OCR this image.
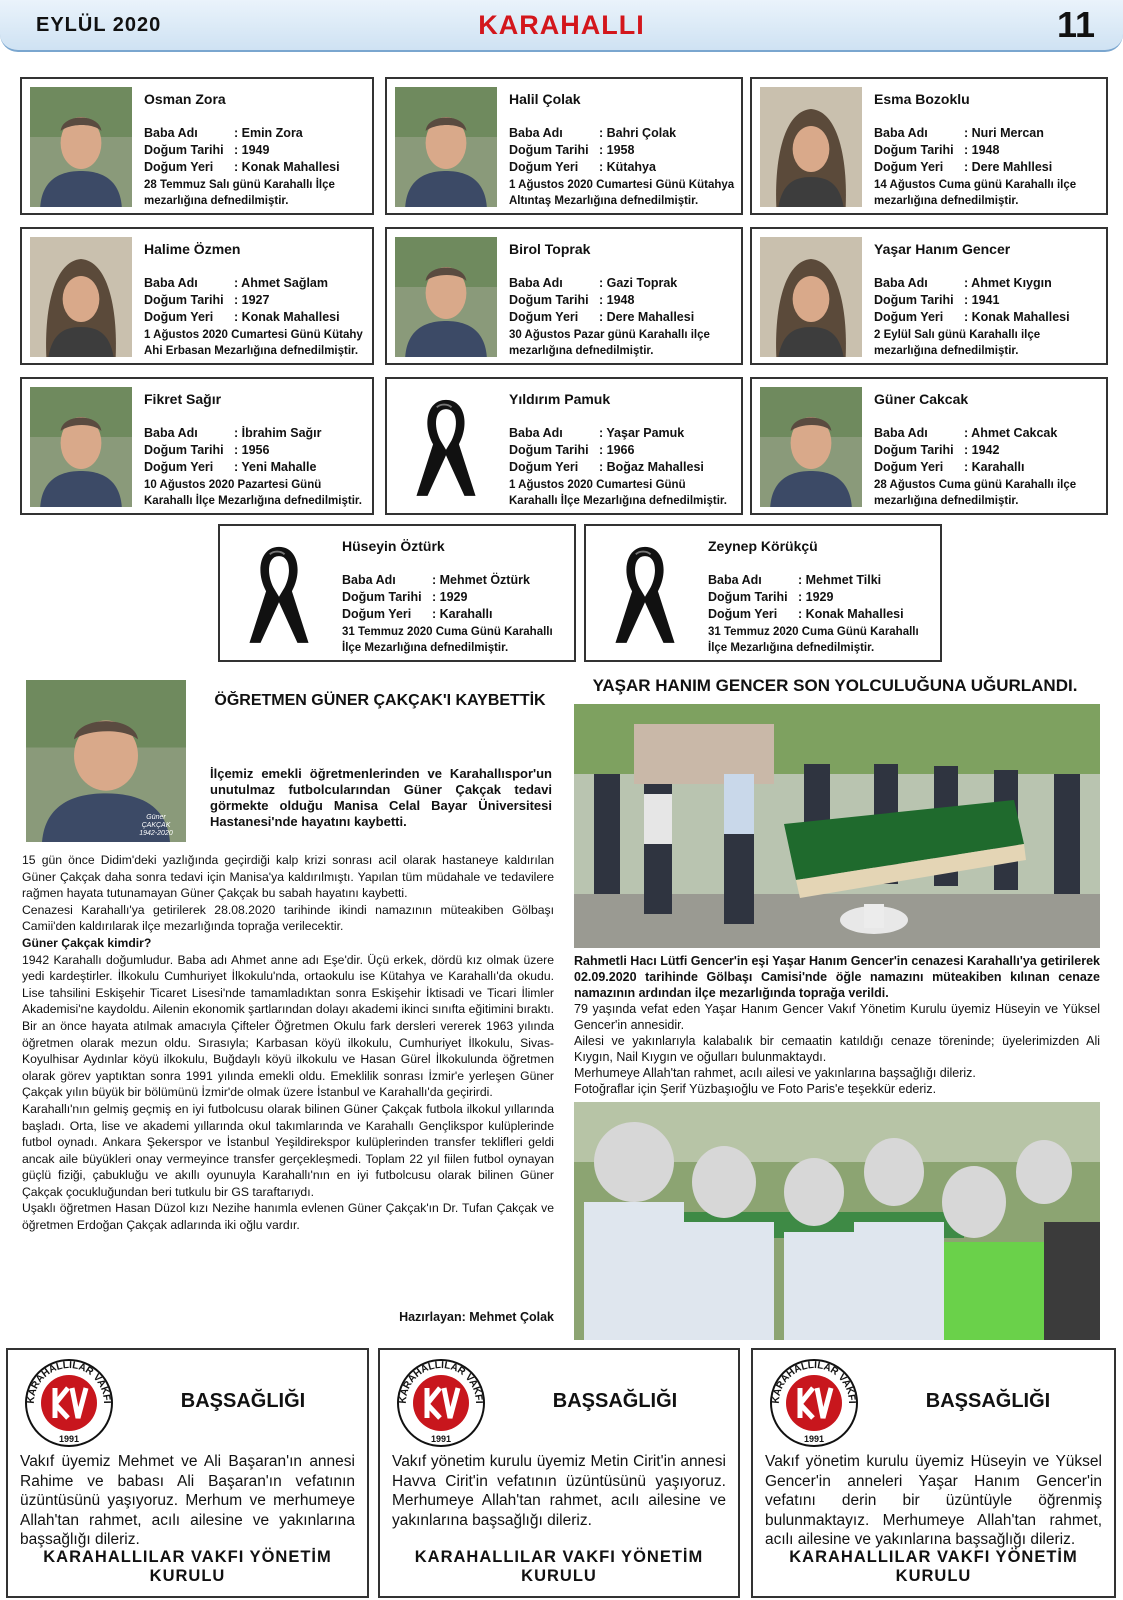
EYLÜL 2020	KARAHALLI	11
Osman Zora
Baba Adı	: Emin Zora
Doğum Tarihi : 1949
Doğum Yeri	: Konak Mahallesi
28 Temmuz Salı günü Karahallı İlçe mezarlığına defnedilmiştir.
Halil Çolak
Baba Adı	: Bahri Çolak
Doğum Tarihi : 1958
Doğum Yeri	: Kütahya
1 Ağustos 2020 Cumartesi Günü Kütahya Altıntaş Mezarlığına defnedilmiştir.
Esma Bozoklu
Baba Adı	: Nuri Mercan
Doğum Tarihi : 1948
Doğum Yeri	: Dere Mahllesi
14 Ağustos Cuma günü Karahallı ilçe mezarlığına defnedilmiştir.
Halime Özmen
Baba Adı	: Ahmet Sağlam
Doğum Tarihi : 1927
Doğum Yeri	: Konak Mahallesi
1 Ağustos 2020 Cumartesi Günü Kütahy Ahi Erbasan Mezarlığına defnedilmiştir.
Birol Toprak
Baba Adı	: Gazi Toprak
Doğum Tarihi : 1948
Doğum Yeri	: Dere Mahallesi
30 Ağustos Pazar günü Karahallı ilçe mezarlığına defnedilmiştir.
Yaşar Hanım Gencer
Baba Adı	: Ahmet Kıygın
Doğum Tarihi : 1941
Doğum Yeri	: Konak Mahallesi
2 Eylül Salı günü Karahallı ilçe mezarlığına defnedilmiştir.
Fikret Sağır
Baba Adı	: İbrahim Sağır
Doğum Tarihi : 1956
Doğum Yeri	: Yeni Mahalle
10 Ağustos 2020 Pazartesi Günü Karahallı İlçe Mezarlığına defnedilmiştir.
Yıldırım Pamuk
Baba Adı	: Yaşar Pamuk
Doğum Tarihi : 1966
Doğum Yeri	: Boğaz Mahallesi
1 Ağustos 2020 Cumartesi Günü Karahallı İlçe Mezarlığına defnedilmiştir.
Güner Cakcak
Baba Adı	: Ahmet Cakcak
Doğum Tarihi : 1942
Doğum Yeri	: Karahallı
28 Ağustos Cuma günü Karahallı ilçe mezarlığına defnedilmiştir.
Hüseyin Öztürk
Baba Adı	: Mehmet Öztürk
Doğum Tarihi : 1929
Doğum Yeri	: Karahallı
31 Temmuz 2020 Cuma Günü Karahallı İlçe Mezarlığına defnedilmiştir.
Zeynep Körükçü
Baba Adı	: Mehmet Tilki
Doğum Tarihi : 1929
Doğum Yeri	: Konak Mahallesi
31 Temmuz 2020 Cuma Günü Karahallı İlçe Mezarlığına defnedilmiştir.
Güner ÇAKÇAK 1942-2020
ÖĞRETMEN GÜNER ÇAKÇAK'I KAYBETTİK
İlçemiz emekli öğretmenlerinden ve Karahallıspor'un unutulmaz futbolcularından Güner Çakçak tedavi görmekte olduğu Manisa Celal Bayar Üniversitesi Hastanesi'nde hayatını kaybetti.

15 gün önce Didim'deki yazlığında geçirdiği kalp krizi sonrası acil olarak hastaneye kaldırılan Güner Çakçak daha sonra tedavi için Manisa'ya kaldırılmıştı. Yapılan tüm müdahale ve tedavilere rağmen hayata tutunamayan Güner Çakçak bu sabah hayatını kaybetti.

Cenazesi Karahallı'ya getirilerek 28.08.2020 tarihinde ikindi namazının müteakiben Gölbaşı Camii'den kaldırılarak ilçe mezarlığında toprağa verilecektir.

Güner Çakçak kimdir?

1942 Karahallı doğumludur. Baba adı Ahmet anne adı Eşe'dir. Üçü erkek, dördü kız olmak üzere yedi kardeştirler. İlkokulu Cumhuriyet İlkokulu'nda, ortaokulu ise Kütahya ve Karahallı'da okudu. Lise tahsilini Eskişehir Ticaret Lisesi'nde tamamladıktan sonra Eskişehir İktisadi ve Ticari İlimler Akademisi'ne kaydoldu. Ailenin ekonomik şartlarından dolayı akademi ikinci sınıfta eğitimini bıraktı. Bir an önce hayata atılmak amacıyla Çifteler Öğretmen Okulu fark dersleri vererek 1963 yılında öğretmen olarak mezun oldu. Sırasıyla; Karbasan köyü ilkokulu, Cumhuriyet İlkokulu, Sivas-Koyulhisar Aydınlar köyü ilkokulu, Buğdaylı köyü ilkokulu ve Hasan Gürel İlkokulunda öğretmen olarak görev yaptıktan sonra 1991 yılında emekli oldu. Emeklilik sonrası İzmir'e yerleşen Güner Çakçak yılın büyük bir bölümünü İzmir'de olmak üzere İstanbul ve Karahallı'da geçirirdi.

Karahallı'nın gelmiş geçmiş en iyi futbolcusu olarak bilinen Güner Çakçak futbola ilkokul yıllarında başladı. Orta, lise ve akademi yıllarında okul takımlarında ve Karahallı Gençlikspor kulüplerinde futbol oynadı. Ankara Şekerspor ve İstanbul Yeşildirekspor kulüplerinden transfer teklifleri geldi ancak aile büyükleri onay vermeyince transfer gerçekleşmedi. Toplam 22 yıl fiilen futbol oynayan güçlü fiziği, çabukluğu ve akıllı oyunuyla Karahallı'nın en iyi futbolcusu olarak bilinen Güner Çakçak çocukluğundan beri tutkulu bir GS taraftarıydı.

Uşaklı öğretmen Hasan Düzol kızı Nezihe hanımla evlenen Güner Çakçak'ın Dr. Tufan Çakçak ve öğretmen Erdoğan Çakçak adlarında iki oğlu vardır.

Hazırlayan: Mehmet Çolak
YAŞAR HANIM GENCER SON YOLCULUĞUNA UĞURLANDI.
Rahmetli Hacı Lütfi Gencer'in eşi Yaşar Hanım Gencer'in cenazesi Karahallı'ya getirilerek 02.09.2020 tarihinde Gölbaşı Camisi'nde öğle namazını müteakiben kılınan cenaze namazının ardından ilçe mezarlığında toprağa verildi.
79 yaşında vefat eden Yaşar Hanım Gencer Vakıf Yönetim Kurulu üyemiz Hüseyin ve Yüksel Gencer'in annesidir.
Ailesi ve yakınlarıyla kalabalık bir cemaatin katıldığı cenaze töreninde; üyelerimizden Ali Kıygın, Nail Kıygın ve oğulları bulunmaktaydı.
Merhumeye Allah'tan rahmet, acılı ailesi ve yakınlarına başsağlığı dileriz.
Fotoğraflar için Şerif Yüzbaşıoğlu ve Foto Paris'e teşekkür ederiz.
KARAHALLILAR VAKFI
1991
BAŞSAĞLIĞI
Vakıf üyemiz Mehmet ve Ali Başaran'ın annesi Rahime ve babası Ali Başaran'ın vefatının üzüntüsünü yaşıyoruz. Merhum ve merhumeye Allah'tan rahmet, acılı ailesine ve yakınlarına başsağlığı dileriz.
KARAHALLILAR VAKFI YÖNETİM KURULU
KARAHALLILAR VAKFI
1991
BAŞSAĞLIĞI
Vakıf yönetim kurulu üyemiz Metin Cirit'in annesi Havva Cirit'in vefatının üzüntüsünü yaşıyoruz. Merhumeye Allah'tan rahmet, acılı ailesine ve yakınlarına başsağlığı dileriz.
KARAHALLILAR VAKFI YÖNETİM KURULU
KARAHALLILAR VAKFI
1991
BAŞSAĞLIĞI
Vakıf yönetim kurulu üyemiz Hüseyin ve Yüksel Gencer'in anneleri Yaşar Hanım Gencer'in vefatını derin bir üzüntüyle öğrenmiş bulunmaktayız. Merhumeye Allah'tan rahmet, acılı ailesine ve yakınlarına başsağlığı dileriz.
KARAHALLILAR VAKFI YÖNETİM KURULU
